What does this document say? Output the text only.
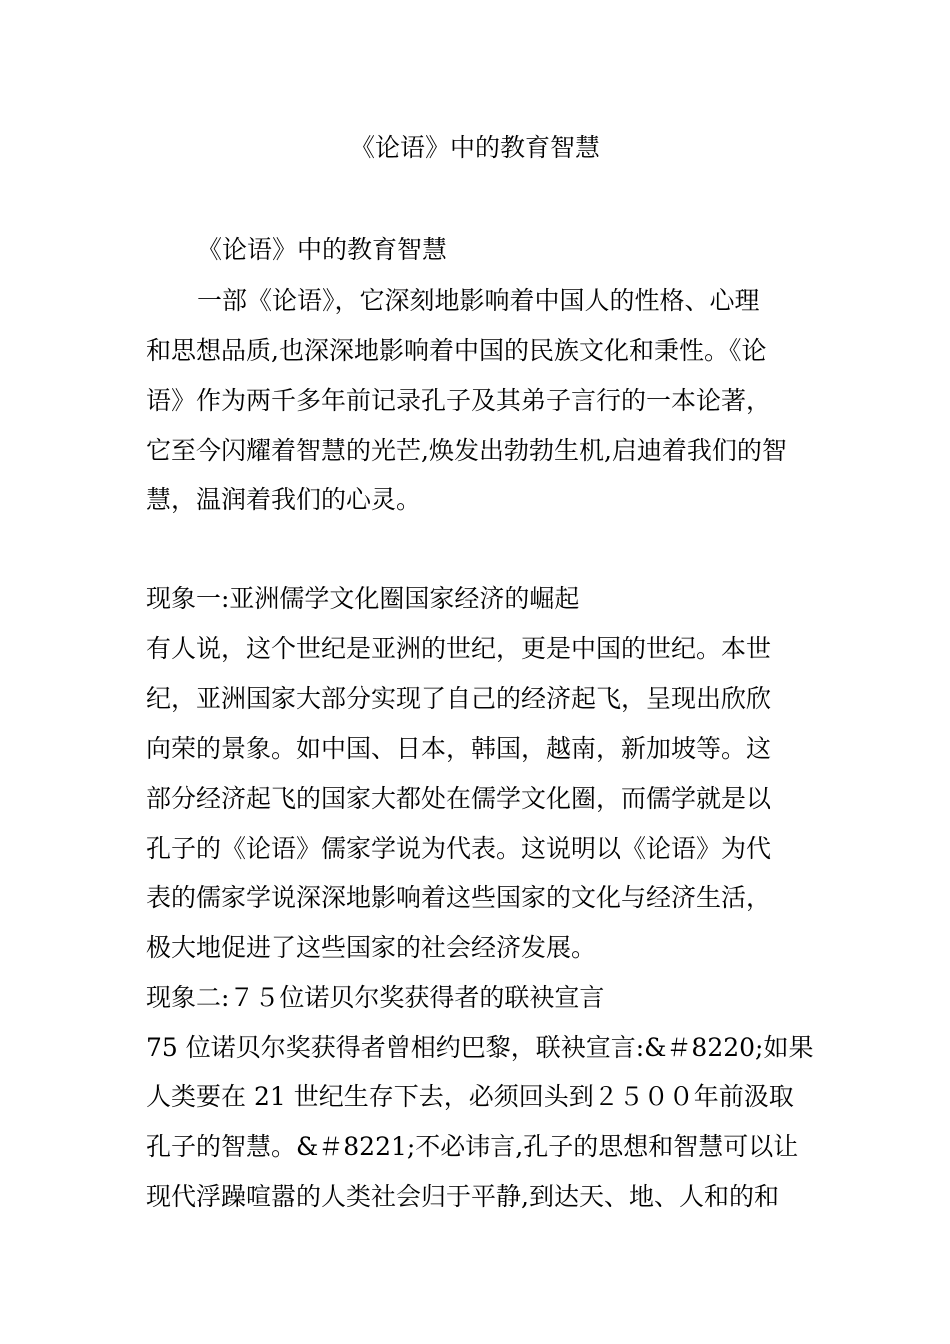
《论语》中的教育智慧
《论语》中的教育智慧
一部《论语》，它深刻地影响着中国人的性格、心理
和思想品质,也深深地影响着中国的民族文化和秉性。《论
语》作为两千多年前记录孔子及其弟子言行的一本论著，
它至今闪耀着智慧的光芒,焕发出勃勃生机,启迪着我们的智
慧，温润着我们的心灵。
现象一:亚洲儒学文化圈国家经济的崛起
有人说，这个世纪是亚洲的世纪，更是中国的世纪。本世
纪，亚洲国家大部分实现了自己的经济起飞，呈现出欣欣
向荣的景象。如中国、日本，韩国，越南，新加坡等。这
部分经济起飞的国家大都处在儒学文化圈，而儒学就是以
孔子的《论语》儒家学说为代表。这说明以《论语》为代
表的儒家学说深深地影响着这些国家的文化与经济生活，
极大地促进了这些国家的社会经济发展。
现象二:７５位诺贝尔奖获得者的联袂宣言
75 位诺贝尔奖获得者曾相约巴黎，联袂宣言:&＃8220;如果
人类要在 21 世纪生存下去，必须回头到２５００年前汲取
孔子的智慧。&＃8221;不必讳言,孔子的思想和智慧可以让
现代浮躁喧嚣的人类社会归于平静,到达天、地、人和的和
